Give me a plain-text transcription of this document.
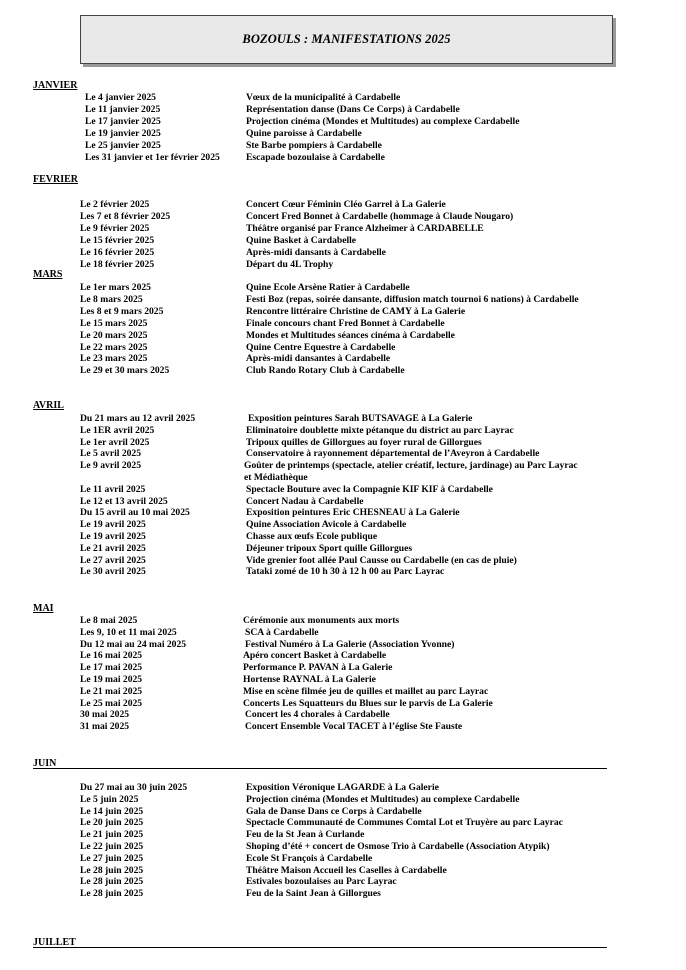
BOZOULS : MANIFESTATIONS 2025
JANVIER
Le 4 janvier 2025	Vœux de la municipalité à Cardabelle
Le 11 janvier 2025	Représentation danse (Dans Ce Corps) à Cardabelle
Le 17 janvier 2025	Projection cinéma (Mondes et Multitudes) au complexe Cardabelle
Le 19 janvier 2025	Quine paroisse à Cardabelle
Le 25 janvier 2025	Ste Barbe pompiers à Cardabelle
Les 31 janvier et 1er février 2025	Escapade bozoulaise à Cardabelle
FEVRIER
Le 2 février 2025	Concert Cœur Féminin Cléo Garrel à La Galerie
Les 7 et 8 février 2025	Concert Fred Bonnet à Cardabelle (hommage à Claude Nougaro)
Le 9 février 2025	Théâtre organisé par France Alzheimer à CARDABELLE
Le 15 février 2025	Quine Basket à Cardabelle
Le 16 février 2025	Après-midi dansants à Cardabelle
Le 18 février 2025	Départ du 4L Trophy
MARS
Le 1er mars 2025	Quine Ecole Arsène Ratier à Cardabelle
Le 8 mars 2025	Festi Boz (repas, soirée dansante, diffusion match tournoi 6 nations) à Cardabelle
Les 8 et 9 mars 2025	Rencontre littéraire Christine de CAMY à La Galerie
Le 15 mars 2025	Finale concours chant Fred Bonnet à Cardabelle
Le 20 mars 2025	Mondes et Multitudes séances cinéma à Cardabelle
Le 22 mars 2025	Quine Centre Equestre à Cardabelle
Le 23 mars 2025	Après-midi dansantes à Cardabelle
Le 29 et 30 mars 2025	Club Rando Rotary Club à Cardabelle
AVRIL
Du 21 mars au 12 avril 2025	Exposition peintures Sarah BUTSAVAGE à La Galerie
Le 1ER avril 2025	Eliminatoire doublette mixte pétanque du district au parc Layrac
Le 1er avril 2025	Tripoux quilles de Gillorgues au foyer rural de Gillorgues
Le 5 avril 2025	Conservatoire à rayonnement départemental de l’Aveyron à Cardabelle
Le 9 avril 2025	Goûter de printemps (spectacle, atelier créatif, lecture, jardinage) au Parc Layrac
et Médiathèque
Le 11 avril 2025	Spectacle Bouture avec la Compagnie KIF KIF à Cardabelle
Le 12 et 13 avril 2025	Concert Nadau à Cardabelle
Du 15 avril au 10 mai 2025	Exposition peintures Eric CHESNEAU à La Galerie
Le 19 avril 2025	Quine Association Avicole à Cardabelle
Le 19 avril 2025	Chasse aux œufs Ecole publique
Le 21 avril 2025	Déjeuner tripoux Sport quille Gillorgues
Le 27 avril 2025	Vide grenier foot allée Paul Causse ou Cardabelle (en cas de pluie)
Le 30 avril 2025	Tataki zomé de 10 h 30 à 12 h 00 au Parc Layrac
MAI
Le 8 mai 2025	Cérémonie aux monuments aux morts
Les 9, 10 et 11 mai 2025	SCA à Cardabelle
Du 12 mai au 24 mai 2025	Festival Numéro à La Galerie (Association Yvonne)
Le 16 mai 2025	Apéro concert Basket à Cardabelle
Le 17 mai 2025	Performance P. PAVAN à La Galerie
Le 19 mai 2025	Hortense RAYNAL à La Galerie
Le 21 mai 2025	Mise en scène filmée jeu de quilles et maillet au parc Layrac
Le 25 mai 2025	Concerts Les Squatteurs du Blues sur le parvis de La Galerie
30 mai 2025	Concert les 4 chorales à Cardabelle
31 mai 2025	Concert Ensemble Vocal TACET à l’église Ste Fauste
JUIN
Du 27 mai au 30 juin 2025	Exposition Véronique LAGARDE à La Galerie
Le 5 juin 2025	Projection cinéma (Mondes et Multitudes) au complexe Cardabelle
Le 14 juin 2025	Gala de Danse Dans ce Corps à Cardabelle
Le 20 juin 2025	Spectacle Communauté de Communes Comtal Lot et Truyère au parc Layrac
Le 21 juin 2025	Feu de la St Jean à Curlande
Le 22 juin 2025	Shoping d’été + concert de Osmose Trio à Cardabelle (Association Atypik)
Le 27 juin 2025	Ecole St François à Cardabelle
Le 28 juin 2025	Théâtre Maison Accueil les Caselles à Cardabelle
Le 28 juin 2025	Estivales bozoulaises au Parc Layrac
Le 28 juin 2025	Feu de la Saint Jean à Gillorgues
JUILLET
